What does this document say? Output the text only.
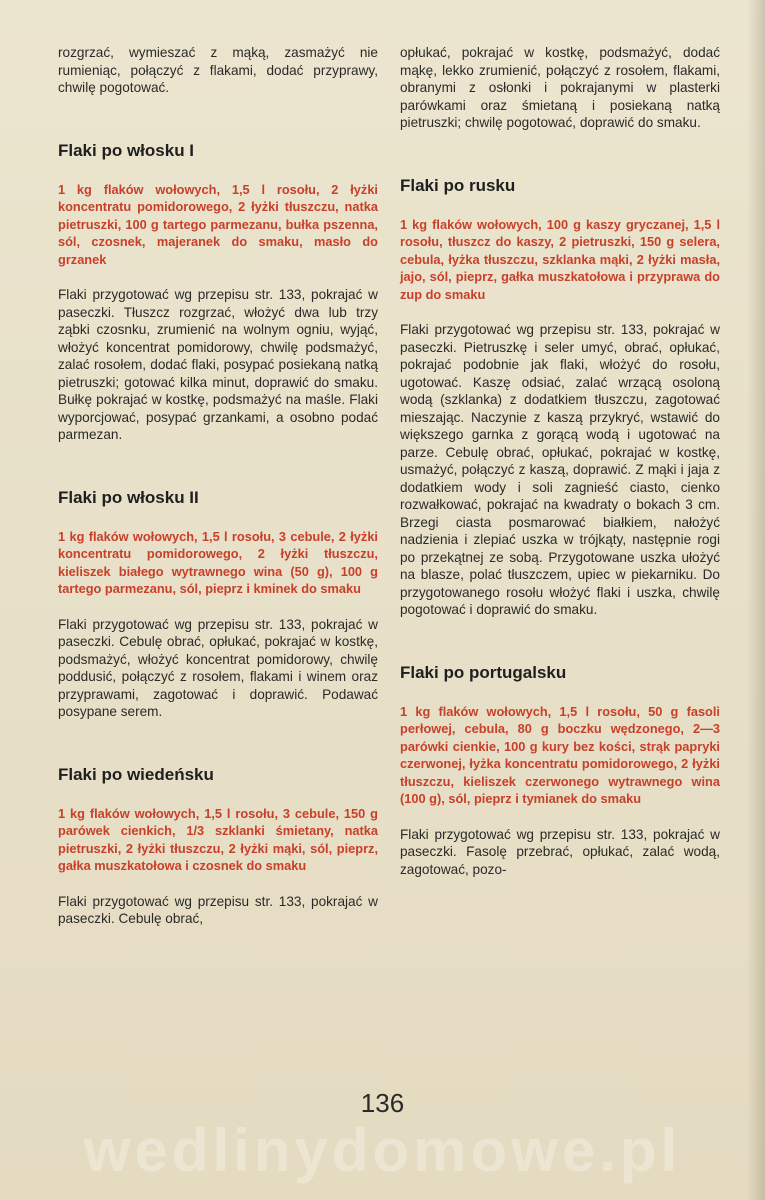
rozgrzać, wymieszać z mąką, zasmażyć nie rumieniąc, połączyć z flakami, dodać przyprawy, chwilę pogotować.

Flaki po włosku I

1 kg flaków wołowych, 1,5 l rosołu, 2 łyżki koncentratu pomidorowego, 2 łyżki tłuszczu, natka pietruszki, 100 g tartego parmezanu, bułka pszenna, sól, czosnek, majeranek do smaku, masło do grzanek

Flaki przygotować wg przepisu str. 133, pokrajać w paseczki. Tłuszcz rozgrzać, włożyć dwa lub trzy ząbki czosnku, zrumienić na wolnym ogniu, wyjąć, włożyć koncentrat pomidorowy, chwilę podsmażyć, zalać rosołem, dodać flaki, posypać posiekaną natką pietruszki; gotować kilka minut, doprawić do smaku. Bułkę pokrajać w kostkę, podsmażyć na maśle. Flaki wyporcjować, posypać grzankami, a osobno podać parmezan.

Flaki po włosku II

1 kg flaków wołowych, 1,5 l rosołu, 3 cebule, 2 łyżki koncentratu pomidorowego, 2 łyżki tłuszczu, kieliszek białego wytrawnego wina (50 g), 100 g tartego parmezanu, sól, pieprz i kminek do smaku

Flaki przygotować wg przepisu str. 133, pokrajać w paseczki. Cebulę obrać, opłukać, pokrajać w kostkę, podsmażyć, włożyć koncentrat pomidorowy, chwilę poddusić, połączyć z rosołem, flakami i winem oraz przyprawami, zagotować i doprawić. Podawać posypane serem.

Flaki po wiedeńsku

1 kg flaków wołowych, 1,5 l rosołu, 3 cebule, 150 g parówek cienkich, 1/3 szklanki śmietany, natka pietruszki, 2 łyżki tłuszczu, 2 łyżki mąki, sól, pieprz, gałka muszkatołowa i czosnek do smaku

Flaki przygotować wg przepisu str. 133, pokrajać w paseczki. Cebulę obrać,

opłukać, pokrajać w kostkę, podsmażyć, dodać mąkę, lekko zrumienić, połączyć z rosołem, flakami, obranymi z osłonki i pokrajanymi w plasterki parówkami oraz śmietaną i posiekaną natką pietruszki; chwilę pogotować, doprawić do smaku.

Flaki po rusku

1 kg flaków wołowych, 100 g kaszy gryczanej, 1,5 l rosołu, tłuszcz do kaszy, 2 pietruszki, 150 g selera, cebula, łyżka tłuszczu, szklanka mąki, 2 łyżki masła, jajo, sól, pieprz, gałka muszkatołowa i przyprawa do zup do smaku

Flaki przygotować wg przepisu str. 133, pokrajać w paseczki. Pietruszkę i seler umyć, obrać, opłukać, pokrajać podobnie jak flaki, włożyć do rosołu, ugotować. Kaszę odsiać, zalać wrzącą osoloną wodą (szklanka) z dodatkiem tłuszczu, zagotować mieszając. Naczynie z kaszą przykryć, wstawić do większego garnka z gorącą wodą i ugotować na parze. Cebulę obrać, opłukać, pokrajać w kostkę, usmażyć, połączyć z kaszą, doprawić. Z mąki i jaja z dodatkiem wody i soli zagnieść ciasto, cienko rozwałkować, pokrajać na kwadraty o bokach 3 cm. Brzegi ciasta posmarować białkiem, nałożyć nadzienia i zlepiać uszka w trójkąty, następnie rogi po przekątnej ze sobą. Przygotowane uszka ułożyć na blasze, polać tłuszczem, upiec w piekarniku. Do przygotowanego rosołu włożyć flaki i uszka, chwilę pogotować i doprawić do smaku.

Flaki po portugalsku

1 kg flaków wołowych, 1,5 l rosołu, 50 g fasoli perłowej, cebula, 80 g boczku wędzonego, 2—3 parówki cienkie, 100 g kury bez kości, strąk papryki czerwonej, łyżka koncentratu pomidorowego, 2 łyżki tłuszczu, kieliszek czerwonego wytrawnego wina (100 g), sól, pieprz i tymianek do smaku

Flaki przygotować wg przepisu str. 133, pokrajać w paseczki. Fasolę przebrać, opłukać, zalać wodą, zagotować, pozo-

136
wedlinydomowe.pl
